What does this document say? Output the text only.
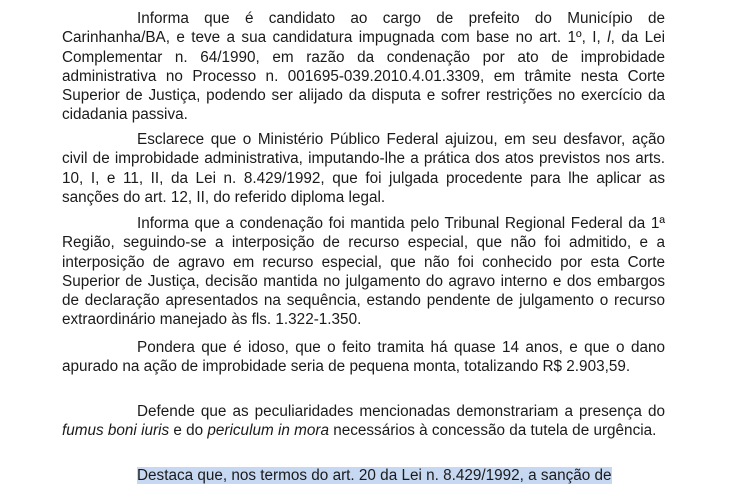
Informa que é candidato ao cargo de prefeito do Município de Carinhanha/BA, e teve a sua candidatura impugnada com base no art. 1º, I, l, da Lei Complementar n. 64/1990, em razão da condenação por ato de improbidade administrativa no Processo n. 001695-039.2010.4.01.3309, em trâmite nesta Corte Superior de Justiça, podendo ser alijado da disputa e sofrer restrições no exercício da cidadania passiva.

Esclarece que o Ministério Público Federal ajuizou, em seu desfavor, ação civil de improbidade administrativa, imputando-lhe a prática dos atos previstos nos arts. 10, I, e 11, II, da Lei n. 8.429/1992, que foi julgada procedente para lhe aplicar as sanções do art. 12, II, do referido diploma legal.

Informa que a condenação foi mantida pelo Tribunal Regional Federal da 1ª Região, seguindo-se a interposição de recurso especial, que não foi admitido, e a interposição de agravo em recurso especial, que não foi conhecido por esta Corte Superior de Justiça, decisão mantida no julgamento do agravo interno e dos embargos de declaração apresentados na sequência, estando pendente de julgamento o recurso extraordinário manejado às fls. 1.322-1.350.

Pondera que é idoso, que o feito tramita há quase 14 anos, e que o dano apurado na ação de improbidade seria de pequena monta, totalizando R$ 2.903,59.

Defende que as peculiaridades mencionadas demonstrariam a presença do fumus boni iuris e do periculum in mora necessários à concessão da tutela de urgência.

Destaca que, nos termos do art. 20 da Lei n. 8.429/1992, a sanção de
